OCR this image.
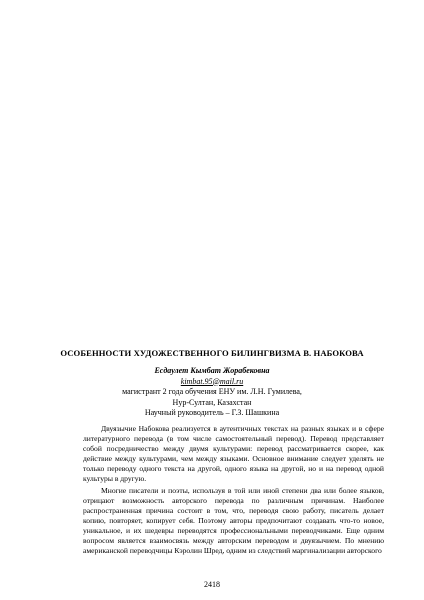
ОСОБЕННОСТИ ХУДОЖЕСТВЕННОГО БИЛИНГВИЗМА В. НАБОКОВА
Есдаулет Кымбат Жорабековна
kimbat.95@mail.ru
магистрант 2 года обучения ЕНУ им. Л.Н. Гумилева,
Нур-Султан, Казахстан
Научный руководитель – Г.З. Шашкина

Двуязычие Набокова реализуется в аутентичных текстах на разных языках и в сфере литературного перевода (в том числе самостоятельный перевод). Перевод представляет собой посредничество между двумя культурами: перевод рассматривается скорее, как действие между культурами, чем между языками. Основное внимание следует уделять не только переводу одного текста на другой, одного языка на другой, но и на перевод одной культуры в другую.

Многие писатели и поэты, используя в той или иной степени два или более языков, отрицают возможность авторского перевода по различным причинам. Наиболее распространенная причина состоит в том, что, переводя свою работу, писатель делает копию, повторяет, копирует себя. Поэтому авторы предпочитают создавать что-то новое, уникальное, и их шедевры переводятся профессиональными переводчиками. Еще одним вопросом является взаимосвязь между авторским переводом и двуязычием. По мнению американской переводчицы Кэролин Шред, одним из следствий маргинализации авторского

2418
